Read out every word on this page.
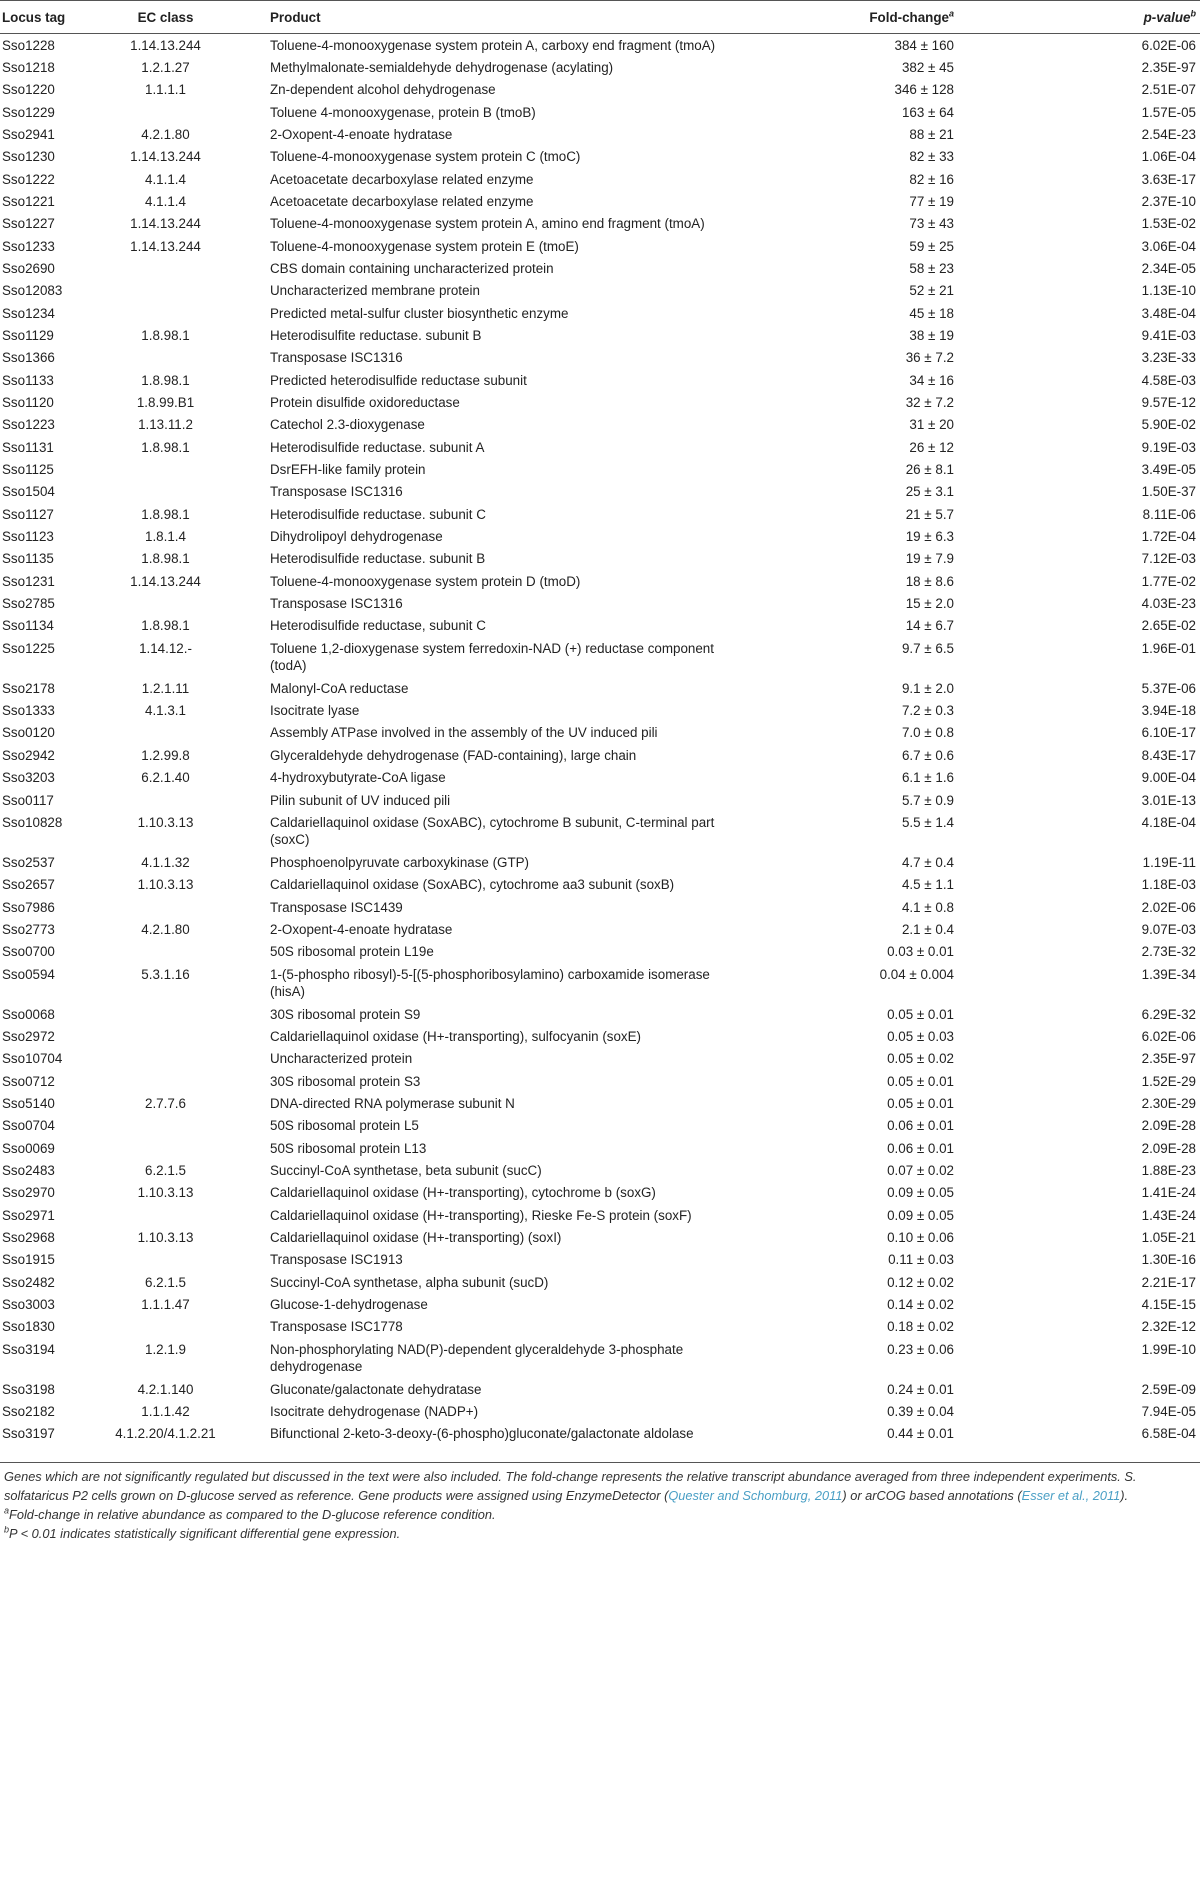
Locus tag	EC class	Product	Fold-change$^a$	p-value$^b$

Sso1228	1.14.13.244	Toluene-4-monooxygenase system protein A, carboxy end fragment (tmoA)	384 ± 160	6.02E-06

Sso1218	1.2.1.27	Methylmalonate-semialdehyde dehydrogenase (acylating)	382 ± 45	2.35E-97

Sso1220	1.1.1.1	Zn-dependent alcohol dehydrogenase	346 ± 128	2.51E-07

Sso1229		Toluene 4-monooxygenase, protein B (tmoB)	163 ± 64	1.57E-05

Sso2941	4.2.1.80	2-Oxopent-4-enoate hydratase	88 ± 21	2.54E-23

Sso1230	1.14.13.244	Toluene-4-monooxygenase system protein C (tmoC)	82 ± 33	1.06E-04

Sso1222	4.1.1.4	Acetoacetate decarboxylase related enzyme	82 ± 16	3.63E-17

Sso1221	4.1.1.4	Acetoacetate decarboxylase related enzyme	77 ± 19	2.37E-10

Sso1227	1.14.13.244	Toluene-4-monooxygenase system protein A, amino end fragment (tmoA)	73 ± 43	1.53E-02

Sso1233	1.14.13.244	Toluene-4-monooxygenase system protein E (tmoE)	59 ± 25	3.06E-04

Sso2690		CBS domain containing uncharacterized protein	58 ± 23	2.34E-05

Sso12083		Uncharacterized membrane protein	52 ± 21	1.13E-10

Sso1234		Predicted metal-sulfur cluster biosynthetic enzyme	45 ± 18	3.48E-04

Sso1129	1.8.98.1	Heterodisulfite reductase. subunit B	38 ± 19	9.41E-03

Sso1366		Transposase ISC1316	36 ± 7.2	3.23E-33

Sso1133	1.8.98.1	Predicted heterodisulfide reductase subunit	34 ± 16	4.58E-03

Sso1120	1.8.99.B1	Protein disulfide oxidoreductase	32 ± 7.2	9.57E-12

Sso1223	1.13.11.2	Catechol 2.3-dioxygenase	31 ± 20	5.90E-02

Sso1131	1.8.98.1	Heterodisulfide reductase. subunit A	26 ± 12	9.19E-03

Sso1125		DsrEFH-like family protein	26 ± 8.1	3.49E-05

Sso1504		Transposase ISC1316	25 ± 3.1	1.50E-37

Sso1127	1.8.98.1	Heterodisulfide reductase. subunit C	21 ± 5.7	8.11E-06

Sso1123	1.8.1.4	Dihydrolipoyl dehydrogenase	19 ± 6.3	1.72E-04

Sso1135	1.8.98.1	Heterodisulfide reductase. subunit B	19 ± 7.9	7.12E-03

Sso1231	1.14.13.244	Toluene-4-monooxygenase system protein D (tmoD)	18 ± 8.6	1.77E-02

Sso2785		Transposase ISC1316	15 ± 2.0	4.03E-23

Sso1134	1.8.98.1	Heterodisulfide reductase, subunit C	14 ± 6.7	2.65E-02

Sso1225	1.14.12.-	Toluene 1,2-dioxygenase system ferredoxin-NAD (+) reductase component (todA)	9.7 ± 6.5	1.96E-01

Sso2178	1.2.1.11	Malonyl-CoA reductase	9.1 ± 2.0	5.37E-06

Sso1333	4.1.3.1	Isocitrate lyase	7.2 ± 0.3	3.94E-18

Sso0120		Assembly ATPase involved in the assembly of the UV induced pili	7.0 ± 0.8	6.10E-17

Sso2942	1.2.99.8	Glyceraldehyde dehydrogenase (FAD-containing), large chain	6.7 ± 0.6	8.43E-17

Sso3203	6.2.1.40	4-hydroxybutyrate-CoA ligase	6.1 ± 1.6	9.00E-04

Sso0117		Pilin subunit of UV induced pili	5.7 ± 0.9	3.01E-13

Sso10828	1.10.3.13	Caldariellaquinol oxidase (SoxABC), cytochrome B subunit, C-terminal part (soxC)	5.5 ± 1.4	4.18E-04

Sso2537	4.1.1.32	Phosphoenolpyruvate carboxykinase (GTP)	4.7 ± 0.4	1.19E-11

Sso2657	1.10.3.13	Caldariellaquinol oxidase (SoxABC), cytochrome aa3 subunit (soxB)	4.5 ± 1.1	1.18E-03

Sso7986		Transposase ISC1439	4.1 ± 0.8	2.02E-06

Sso2773	4.2.1.80	2-Oxopent-4-enoate hydratase	2.1 ± 0.4	9.07E-03

Sso0700		50S ribosomal protein L19e	0.03 ± 0.01	2.73E-32

Sso0594	5.3.1.16	1-(5-phospho ribosyl)-5-[(5-phosphoribosylamino) carboxamide isomerase (hisA)	0.04 ± 0.004	1.39E-34

Sso0068		30S ribosomal protein S9	0.05 ± 0.01	6.29E-32

Sso2972		Caldariellaquinol oxidase (H+-transporting), sulfocyanin (soxE)	0.05 ± 0.03	6.02E-06

Sso10704		Uncharacterized protein	0.05 ± 0.02	2.35E-97

Sso0712		30S ribosomal protein S3	0.05 ± 0.01	1.52E-29

Sso5140	2.7.7.6	DNA-directed RNA polymerase subunit N	0.05 ± 0.01	2.30E-29

Sso0704		50S ribosomal protein L5	0.06 ± 0.01	2.09E-28

Sso0069		50S ribosomal protein L13	0.06 ± 0.01	2.09E-28

Sso2483	6.2.1.5	Succinyl-CoA synthetase, beta subunit (sucC)	0.07 ± 0.02	1.88E-23

Sso2970	1.10.3.13	Caldariellaquinol oxidase (H+-transporting), cytochrome b (soxG)	0.09 ± 0.05	1.41E-24

Sso2971		Caldariellaquinol oxidase (H+-transporting), Rieske Fe-S protein (soxF)	0.09 ± 0.05	1.43E-24

Sso2968	1.10.3.13	Caldariellaquinol oxidase (H+-transporting) (soxI)	0.10 ± 0.06	1.05E-21

Sso1915		Transposase ISC1913	0.11 ± 0.03	1.30E-16

Sso2482	6.2.1.5	Succinyl-CoA synthetase, alpha subunit (sucD)	0.12 ± 0.02	2.21E-17

Sso3003	1.1.1.47	Glucose-1-dehydrogenase	0.14 ± 0.02	4.15E-15

Sso1830		Transposase ISC1778	0.18 ± 0.02	2.32E-12

Sso3194	1.2.1.9	Non-phosphorylating NAD(P)-dependent glyceraldehyde 3-phosphate dehydrogenase	0.23 ± 0.06	1.99E-10

Sso3198	4.2.1.140	Gluconate/galactonate dehydratase	0.24 ± 0.01	2.59E-09

Sso2182	1.1.1.42	Isocitrate dehydrogenase (NADP+)	0.39 ± 0.04	7.94E-05

Sso3197	4.1.2.20/4.1.2.21	Bifunctional 2-keto-3-deoxy-(6-phospho)gluconate/galactonate aldolase	0.44 ± 0.01	6.58E-04

Genes which are not significantly regulated but discussed in the text were also included. The fold-change represents the relative transcript abundance averaged from three independent experiments. S. solfataricus P2 cells grown on D-glucose served as reference. Gene products were assigned using EnzymeDetector (Quester and Schomburg, 2011) or arCOG based annotations (Esser et al., 2011).

$^a$Fold-change in relative abundance as compared to the D-glucose reference condition.

$^b$P < 0.01 indicates statistically significant differential gene expression.
